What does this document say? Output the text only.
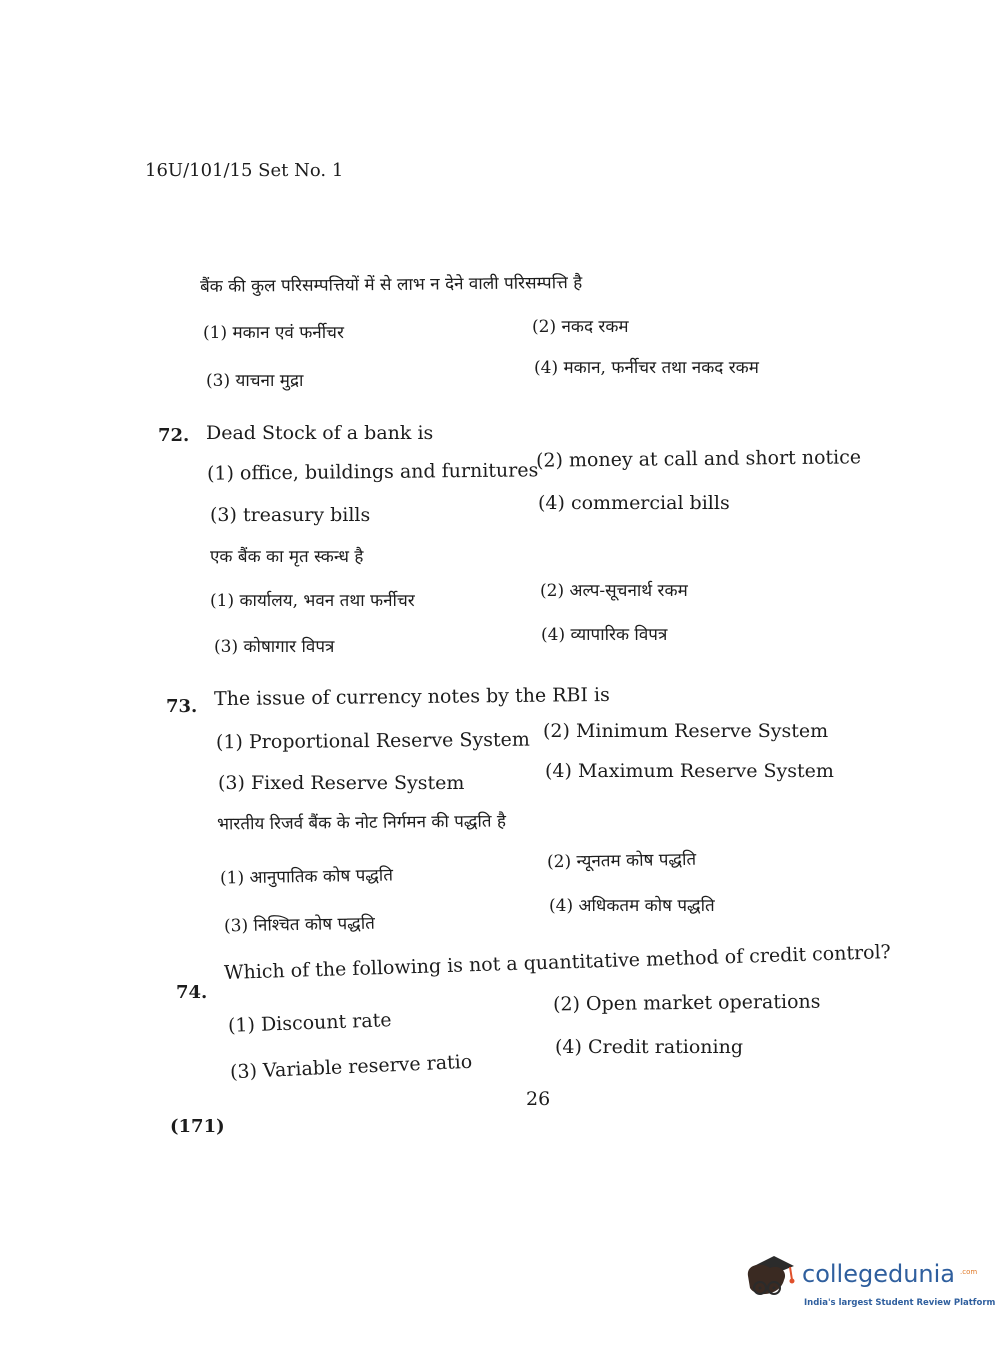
16U/101/15 Set No. 1
बैंक की कुल परिसम्पत्तियों में से लाभ न देने वाली परिसम्पत्ति है
(1) मकान एवं फर्नीचर	(2) नकद रकम
(3) याचना मुद्रा
(4) मकान, फर्नीचर तथा नकद रकम
72. Dead Stock of a bank is
(1) office, buildings and furnitures
(2) money at call and short notice
(3) treasury bills
(4) commercial bills
एक बैंक का मृत स्कन्ध है
(1) कार्यालय, भवन तथा फर्नीचर	(2) अल्प-सूचनार्थ रकम
(3) कोषागार विपत्र
(4) व्यापारिक विपत्र
73. The issue of currency notes by the RBI is
(1) Proportional Reserve System (2) Minimum Reserve System
(3) Fixed Reserve System
(4) Maximum Reserve System
भारतीय रिजर्व बैंक के नोट निर्गमन की पद्धति है
(1) आनुपातिक कोष पद्धति
(2) न्यूनतम कोष पद्धति
(3) निश्चित कोष पद्धति
(4) अधिकतम कोष पद्धति
74.
Which of the following is not a quantitative method of credit control?
(1) Discount rate
(2) Open market operations
(3) Variable reserve ratio
(4) Credit rationing
26
(171)
collegedunia .com
India's largest Student Review Platform
